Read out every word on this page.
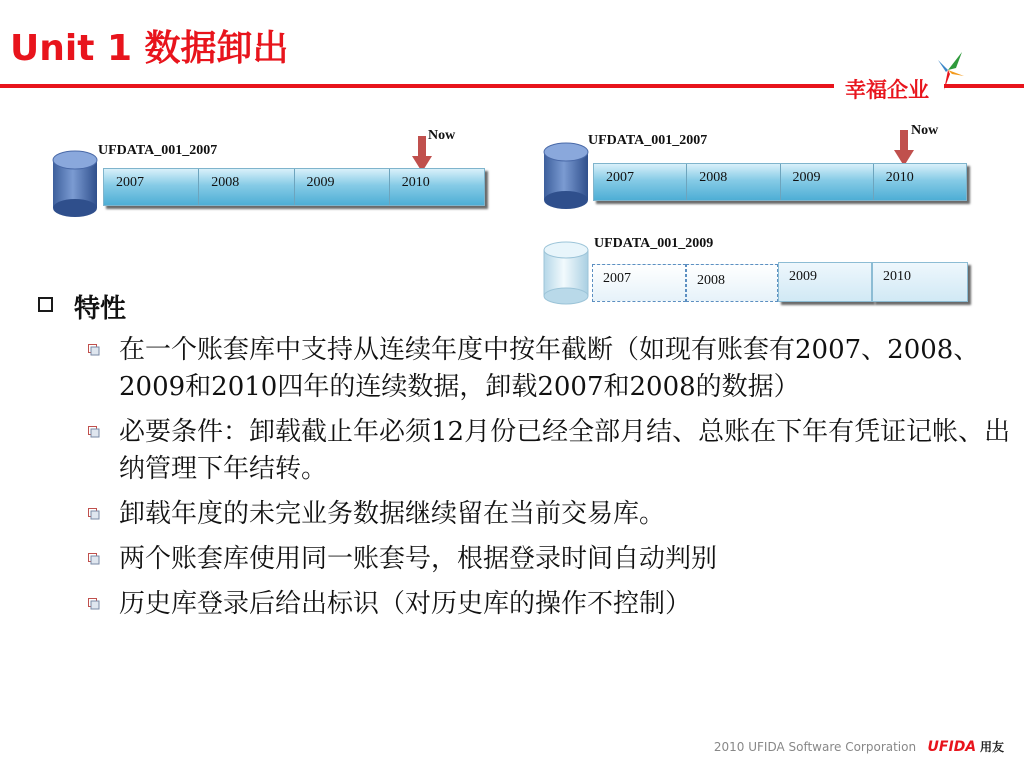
Unit 1 数据卸出
幸福企业
UFDATA_001_2007
Now
2007	2008	2009	2010
UFDATA_001_2007
Now
2007	2008	2009	2010
UFDATA_001_2009
2007	2008	2009	2010
特性
在一个账套库中支持从连续年度中按年截断（如现有账套有2007、2008、2009和2010四年的连续数据，卸载2007和2008的数据）
必要条件：卸载截止年必须12月份已经全部月结、总账在下年有凭证记帐、出纳管理下年结转。
卸载年度的未完业务数据继续留在当前交易库。
两个账套库使用同一账套号，根据登录时间自动判别
历史库登录后给出标识（对历史库的操作不控制）
2010 UFIDA Software Corporation UFIDA 用友
